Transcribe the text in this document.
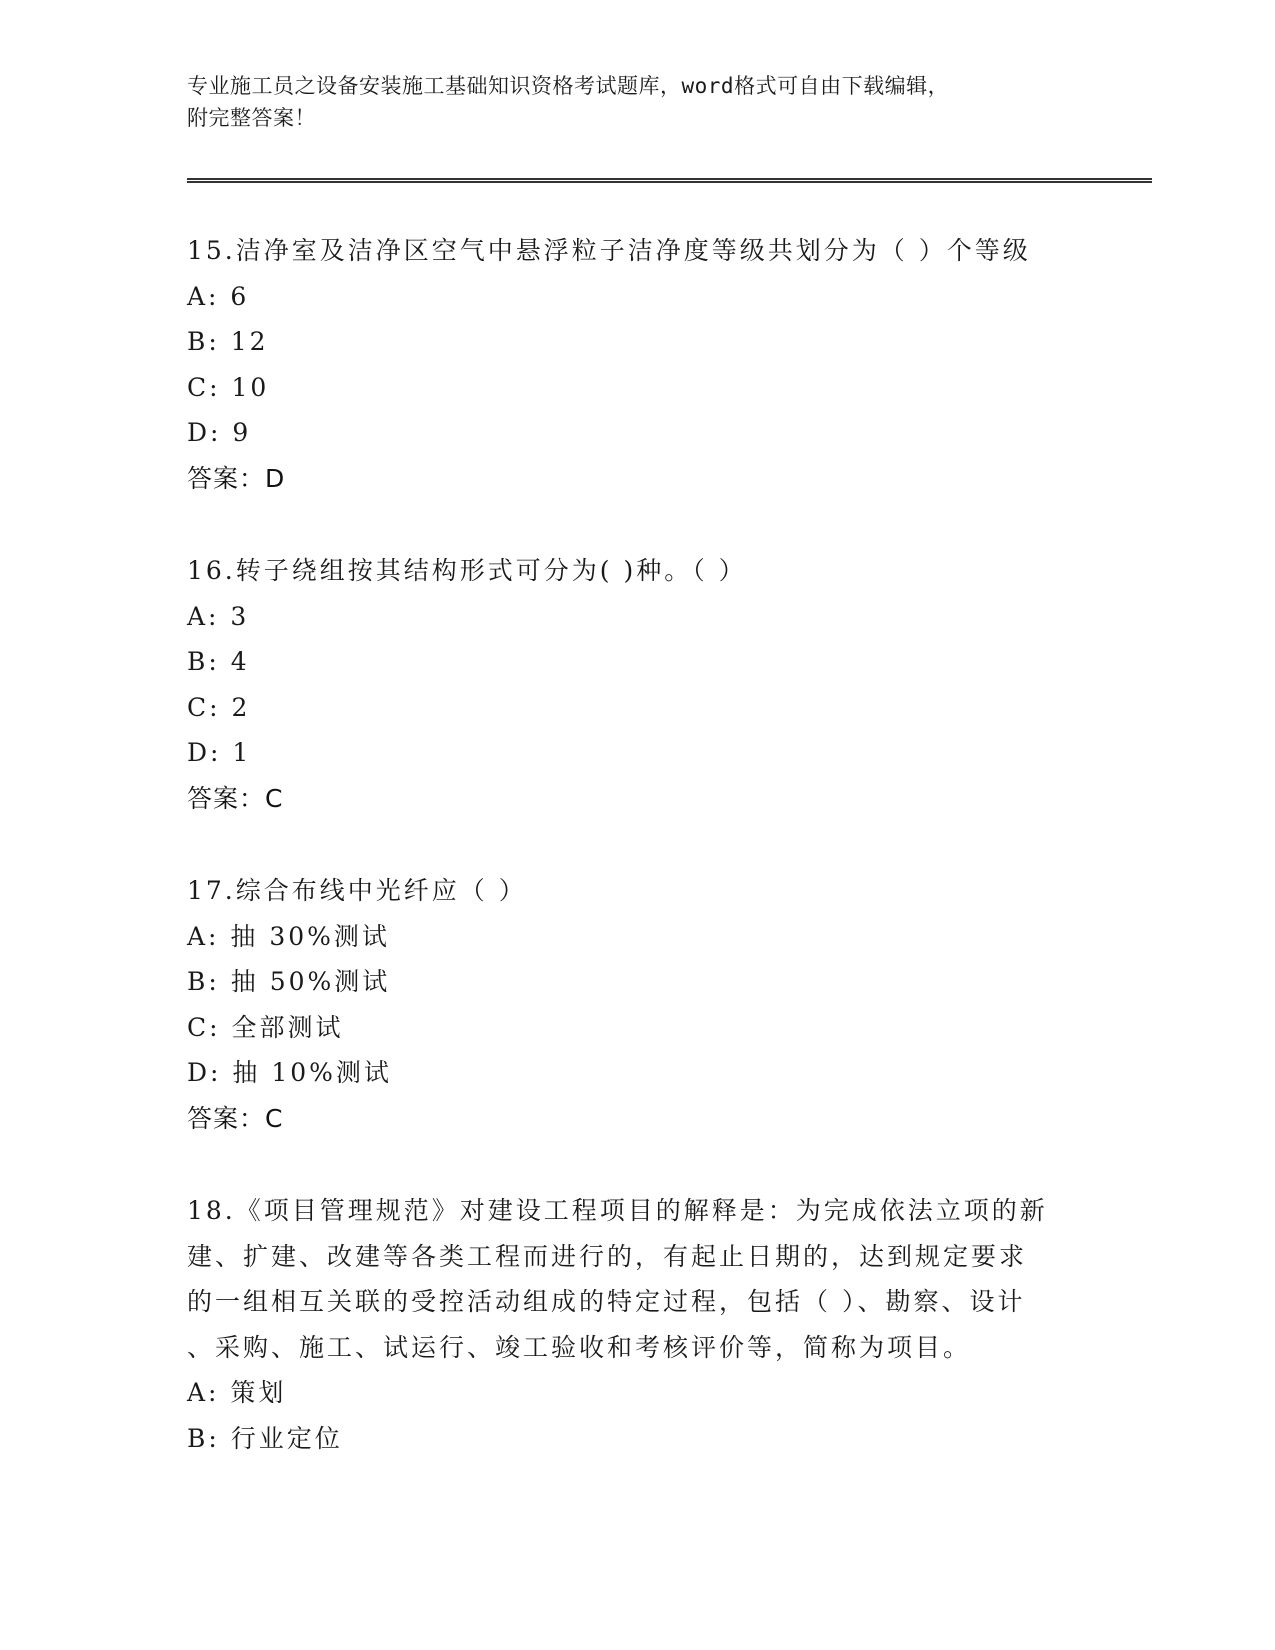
专业施工员之设备安装施工基础知识资格考试题库，word格式可自由下载编辑，
附完整答案！
15.洁净室及洁净区空气中悬浮粒子洁净度等级共划分为（ ）个等级
A: 6
B: 12
C: 10
D: 9
答案：D
16.转子绕组按其结构形式可分为( )种。（ ）
A: 3
B: 4
C: 2
D: 1
答案：C
17.综合布线中光纤应（ ）
A: 抽 30%测试
B: 抽 50%测试
C: 全部测试
D: 抽 10%测试
答案：C
18.《项目管理规范》对建设工程项目的解释是：为完成依法立项的新
建、扩建、改建等各类工程而进行的，有起止日期的，达到规定要求
的一组相互关联的受控活动组成的特定过程，包括（ ）、勘察、设计
、采购、施工、试运行、竣工验收和考核评价等，简称为项目。
A: 策划
B: 行业定位
